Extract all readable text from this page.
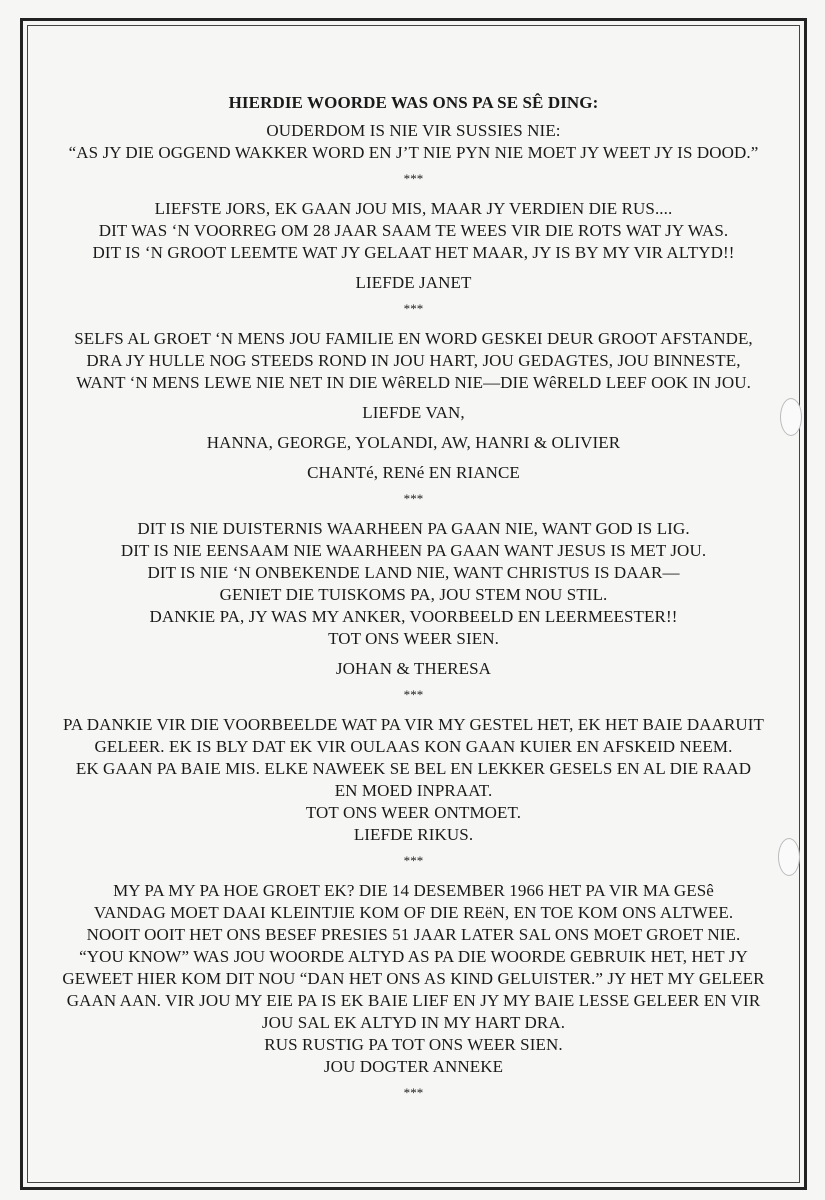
HIERDIE WOORDE WAS ONS PA SE SÊ DING:
OUDERDOM IS NIE VIR SUSSIES NIE:
“AS JY DIE OGGEND WAKKER WORD EN J’T NIE PYN NIE MOET JY WEET JY IS DOOD.”
***
LIEFSTE JORS, EK GAAN JOU MIS, MAAR JY VERDIEN DIE RUS....
DIT WAS ‘N VOORREG OM 28 JAAR SAAM TE WEES VIR DIE ROTS WAT JY WAS.
DIT IS ‘N GROOT LEEMTE WAT JY GELAAT HET MAAR, JY IS BY MY VIR ALTYD!!
LIEFDE JANET
***
SELFS AL GROET ‘N MENS JOU FAMILIE EN WORD GESKEI DEUR GROOT AFSTANDE,
DRA JY HULLE NOG STEEDS ROND IN JOU HART, JOU GEDAGTES, JOU BINNESTE,
WANT ‘N MENS LEWE NIE NET IN DIE WêRELD NIE—DIE WêRELD LEEF OOK IN JOU.
LIEFDE VAN,
HANNA, GEORGE, YOLANDI, AW, HANRI & OLIVIER
CHANTé, RENé EN RIANCE
***
DIT IS NIE DUISTERNIS WAARHEEN PA GAAN NIE, WANT GOD IS LIG.
DIT IS NIE EENSAAM NIE WAARHEEN PA GAAN WANT JESUS IS MET JOU.
DIT IS NIE ‘N ONBEKENDE LAND NIE, WANT CHRISTUS IS DAAR—
GENIET DIE TUISKOMS PA, JOU STEM NOU STIL.
DANKIE PA, JY WAS MY ANKER, VOORBEELD EN LEERMEESTER!!
TOT ONS WEER SIEN.
JOHAN & THERESA
***
PA DANKIE VIR DIE VOORBEELDE WAT PA VIR MY GESTEL HET, EK HET BAIE DAARUIT
GELEER. EK IS BLY DAT EK VIR OULAAS KON GAAN KUIER EN AFSKEID NEEM.
EK GAAN PA BAIE MIS. ELKE NAWEEK SE BEL EN LEKKER GESELS EN AL DIE RAAD
EN MOED INPRAAT.
TOT ONS WEER ONTMOET.
LIEFDE RIKUS.
***
MY PA MY PA HOE GROET EK? DIE 14 DESEMBER 1966 HET PA VIR MA GESê
VANDAG MOET DAAI KLEINTJIE KOM OF DIE REëN, EN TOE KOM ONS ALTWEE.
NOOIT OOIT HET ONS BESEF PRESIES 51 JAAR LATER SAL ONS MOET GROET NIE.
“YOU KNOW” WAS JOU WOORDE ALTYD AS PA DIE WOORDE GEBRUIK HET, HET JY
GEWEET HIER KOM DIT NOU “DAN HET ONS AS KIND GELUISTER.” JY HET MY GELEER
GAAN AAN. VIR JOU MY EIE PA IS EK BAIE LIEF EN JY MY BAIE LESSE GELEER EN VIR
JOU SAL EK ALTYD IN MY HART DRA.
RUS RUSTIG PA TOT ONS WEER SIEN.
JOU DOGTER ANNEKE
***
